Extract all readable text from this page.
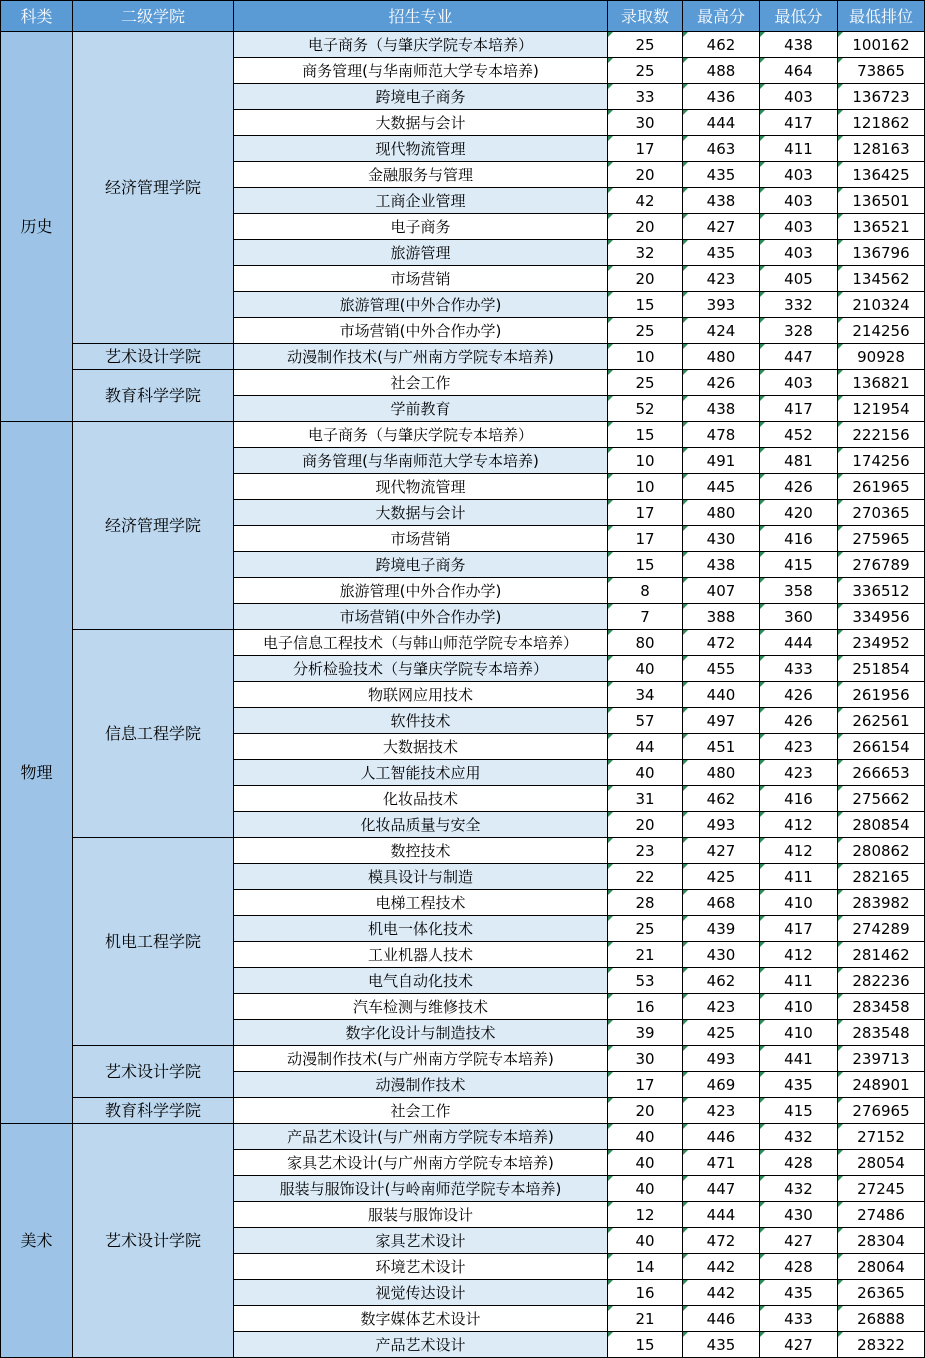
科类	二级学院	招生专业	录取数	最高分	最低分	最低排位
历史	经济管理学院	电子商务（与肇庆学院专本培养）	25	462	438	100162
		商务管理(与华南师范大学专本培养)	25	488	464	73865
		跨境电子商务	33	436	403	136723
		大数据与会计	30	444	417	121862
		现代物流管理	17	463	411	128163
		金融服务与管理	20	435	403	136425
		工商企业管理	42	438	403	136501
		电子商务	20	427	403	136521
		旅游管理	32	435	403	136796
		市场营销	20	423	405	134562
		旅游管理(中外合作办学)	15	393	332	210324
		市场营销(中外合作办学)	25	424	328	214256
	艺术设计学院	动漫制作技术(与广州南方学院专本培养)	10	480	447	90928
	教育科学学院	社会工作	25	426	403	136821
		学前教育	52	438	417	121954
物理	经济管理学院	电子商务（与肇庆学院专本培养）	15	478	452	222156
		商务管理(与华南师范大学专本培养)	10	491	481	174256
		现代物流管理	10	445	426	261965
		大数据与会计	17	480	420	270365
		市场营销	17	430	416	275965
		跨境电子商务	15	438	415	276789
		旅游管理(中外合作办学)	8	407	358	336512
		市场营销(中外合作办学)	7	388	360	334956
	信息工程学院	电子信息工程技术（与韩山师范学院专本培养）	80	472	444	234952
		分析检验技术（与肇庆学院专本培养）	40	455	433	251854
		物联网应用技术	34	440	426	261956
		软件技术	57	497	426	262561
		大数据技术	44	451	423	266154
		人工智能技术应用	40	480	423	266653
		化妆品技术	31	462	416	275662
		化妆品质量与安全	20	493	412	280854
	机电工程学院	数控技术	23	427	412	280862
		模具设计与制造	22	425	411	282165
		电梯工程技术	28	468	410	283982
		机电一体化技术	25	439	417	274289
		工业机器人技术	21	430	412	281462
		电气自动化技术	53	462	411	282236
		汽车检测与维修技术	16	423	410	283458
		数字化设计与制造技术	39	425	410	283548
	艺术设计学院	动漫制作技术(与广州南方学院专本培养)	30	493	441	239713
		动漫制作技术	17	469	435	248901
	教育科学学院	社会工作	20	423	415	276965
美术	艺术设计学院	产品艺术设计(与广州南方学院专本培养)	40	446	432	27152
		家具艺术设计(与广州南方学院专本培养)	40	471	428	28054
		服装与服饰设计(与岭南师范学院专本培养)	40	447	432	27245
		服装与服饰设计	12	444	430	27486
		家具艺术设计	40	472	427	28304
		环境艺术设计	14	442	428	28064
		视觉传达设计	16	442	435	26365
		数字媒体艺术设计	21	446	433	26888
		产品艺术设计	15	435	427	28322
